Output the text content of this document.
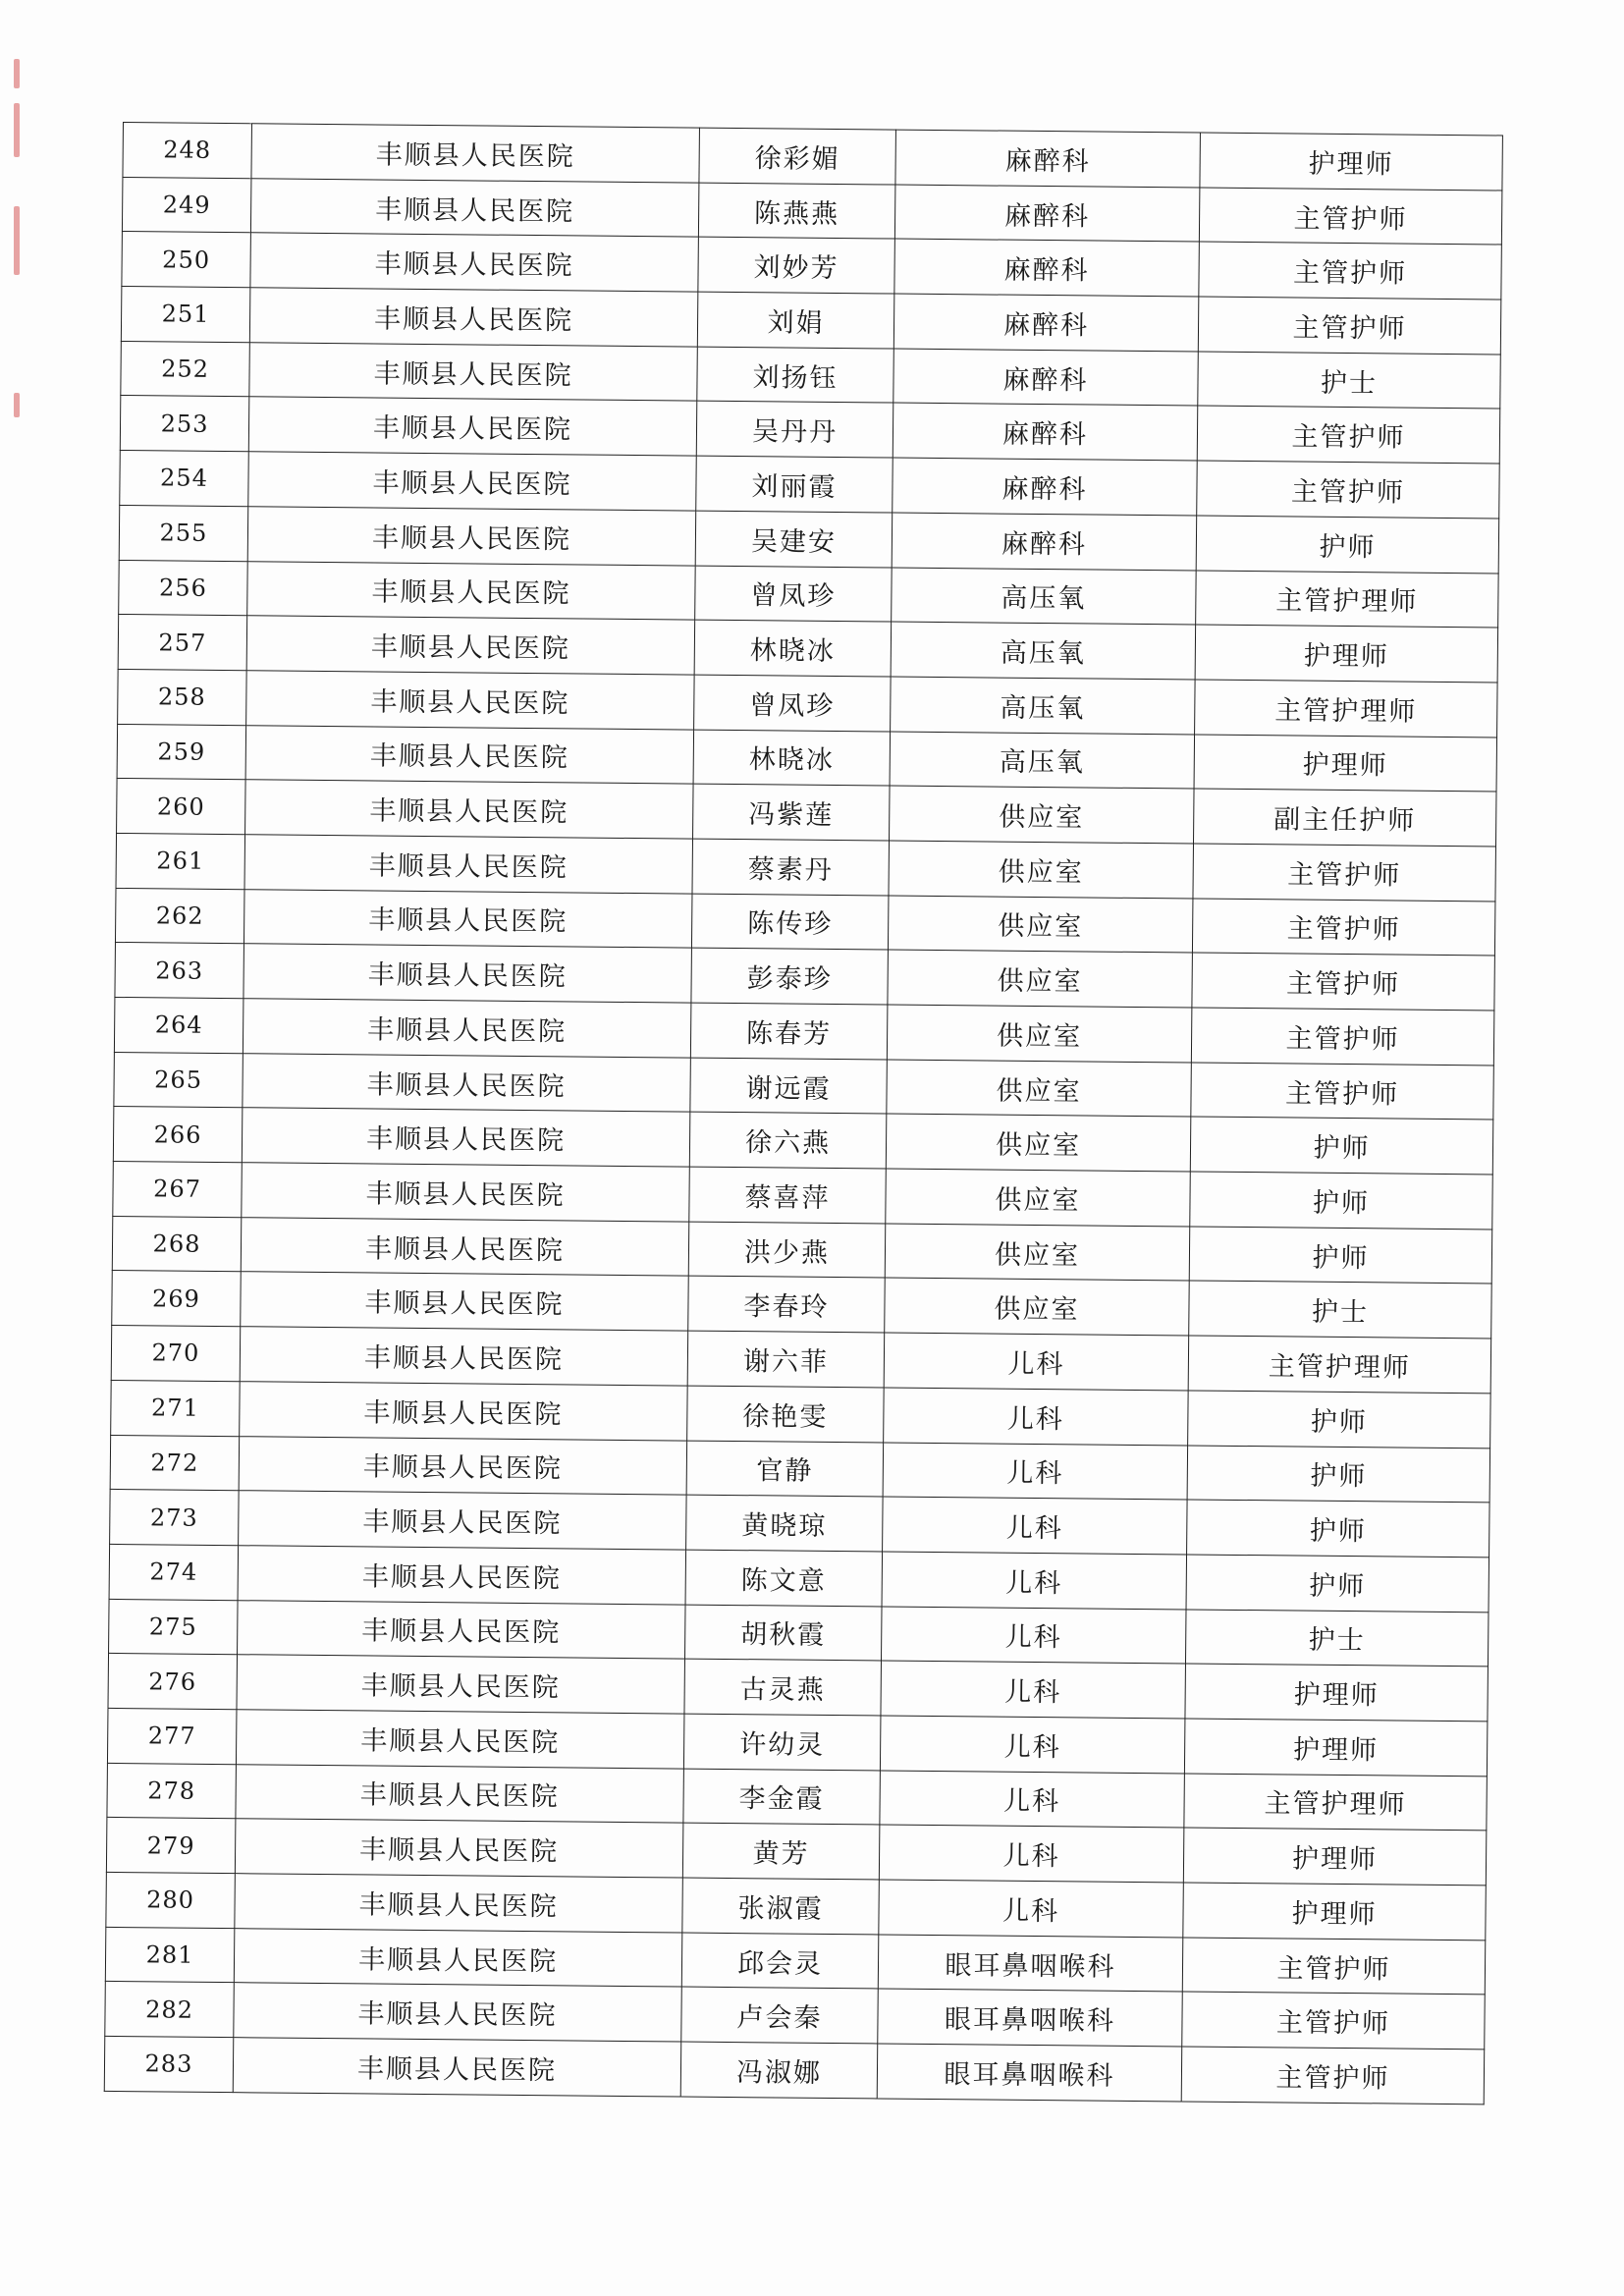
248	丰顺县人民医院	徐彩媚	麻醉科	护理师
249	丰顺县人民医院	陈燕燕	麻醉科	主管护师
250	丰顺县人民医院	刘妙芳	麻醉科	主管护师
251	丰顺县人民医院	刘娟	麻醉科	主管护师
252	丰顺县人民医院	刘扬钰	麻醉科	护士
253	丰顺县人民医院	吴丹丹	麻醉科	主管护师
254	丰顺县人民医院	刘丽霞	麻醉科	主管护师
255	丰顺县人民医院	吴建安	麻醉科	护师
256	丰顺县人民医院	曾凤珍	高压氧	主管护理师
257	丰顺县人民医院	林晓冰	高压氧	护理师
258	丰顺县人民医院	曾凤珍	高压氧	主管护理师
259	丰顺县人民医院	林晓冰	高压氧	护理师
260	丰顺县人民医院	冯紫莲	供应室	副主任护师
261	丰顺县人民医院	蔡素丹	供应室	主管护师
262	丰顺县人民医院	陈传珍	供应室	主管护师
263	丰顺县人民医院	彭泰珍	供应室	主管护师
264	丰顺县人民医院	陈春芳	供应室	主管护师
265	丰顺县人民医院	谢远霞	供应室	主管护师
266	丰顺县人民医院	徐六燕	供应室	护师
267	丰顺县人民医院	蔡喜萍	供应室	护师
268	丰顺县人民医院	洪少燕	供应室	护师
269	丰顺县人民医院	李春玲	供应室	护士
270	丰顺县人民医院	谢六菲	儿科	主管护理师
271	丰顺县人民医院	徐艳雯	儿科	护师
272	丰顺县人民医院	官静	儿科	护师
273	丰顺县人民医院	黄晓琼	儿科	护师
274	丰顺县人民医院	陈文意	儿科	护师
275	丰顺县人民医院	胡秋霞	儿科	护士
276	丰顺县人民医院	古灵燕	儿科	护理师
277	丰顺县人民医院	许幼灵	儿科	护理师
278	丰顺县人民医院	李金霞	儿科	主管护理师
279	丰顺县人民医院	黄芳	儿科	护理师
280	丰顺县人民医院	张淑霞	儿科	护理师
281	丰顺县人民医院	邱会灵	眼耳鼻咽喉科	主管护师
282	丰顺县人民医院	卢会秦	眼耳鼻咽喉科	主管护师
283	丰顺县人民医院	冯淑娜	眼耳鼻咽喉科	主管护师
